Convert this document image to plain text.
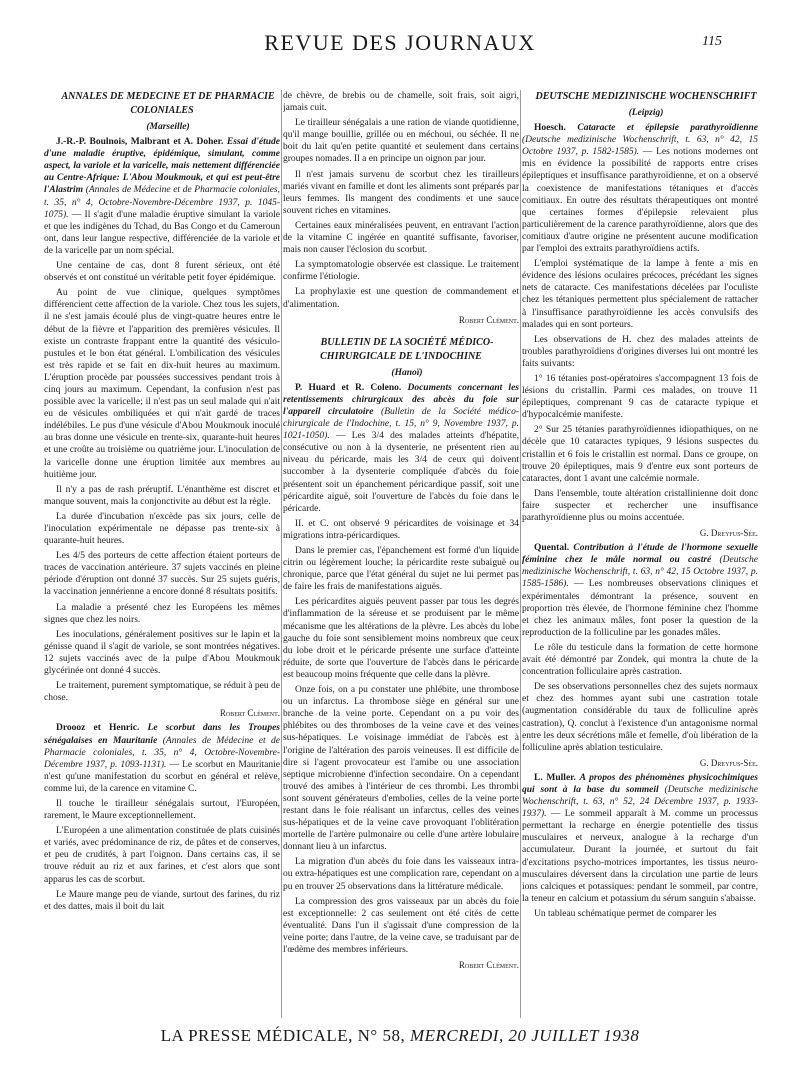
REVUE DES JOURNAUX	115

ANNALES DE MEDECINE ET DE PHARMACIE COLONIALES

(Marseille)

J.-R.-P. Boulnois, Malbrant et A. Doher. Essai d'étude d'une maladie éruptive, épidémique, simulant, comme aspect, la variole et la varicelle, mais nettement différenciée au Centre-Afrique: L'Abou Moukmouk, et qui est peut-être l'Alastrim (Annales de Médecine et de Pharmacie coloniales, t. 35, n° 4, Octobre-Novembre-Décembre 1937, p. 1045-1075). — Il s'agit d'une maladie éruptive simulant la variole et que les indigènes du Tchad, du Bas Congo et du Cameroun ont, dans leur langue respective, différenciée de la variole et de la varicelle par un nom spécial.

Une centaine de cas, dont 8 furent sérieux, ont été observés et ont constitué un véritable petit foyer épidémique.

Au point de vue clinique, quelques symptômes différencient cette affection de la variole. Chez tous les sujets, il ne s'est jamais écoulé plus de vingt-quatre heures entre le début de la fièvre et l'apparition des premières vésicules. Il existe un contraste frappant entre la quantité des vésiculo-pustules et le bon état général. L'ombilication des vésicules est très rapide et se fait en dix-huit heures au maximum. L'éruption procède par poussées successives pendant trois à cinq jours au maximum. Cependant, la confusion n'est pas possible avec la varicelle; il n'est pas un seul malade qui n'ait eu de vésicules ombiliquées et qui n'ait gardé de traces indélébiles. Le pus d'une vésicule d'Abou Moukmouk inoculé au bras donne une vésicule en trente-six, quarante-huit heures et une croûte au troisième ou quatrième jour. L'inoculation de la varicelle donne une éruption limitée aux membres au huitième jour.

Il n'y a pas de rash préruptif. L'énanthème est discret et manque souvent, mais la conjonctivite au début est la règle.

La durée d'incubation n'excède pas six jours, celle de l'inoculation expérimentale ne dépasse pas trente-six à quarante-huit heures.

Les 4/5 des porteurs de cette affection étaient porteurs de traces de vaccination antérieure. 37 sujets vaccinés en pleine période d'éruption ont donné 37 succès. Sur 25 sujets guéris, la vaccination jennérienne a encore donné 8 résultats positifs.

La maladie a présenté chez les Européens les mêmes signes que chez les noirs.

Les inoculations, généralement positives sur le lapin et la génisse quand il s'agit de variole, se sont montrées négatives. 12 sujets vaccinés avec de la pulpe d'Abou Moukmouk glycérinée ont donné 4 succès.

Le traitement, purement symptomatique, se réduit à peu de chose.

Robert Clément.

Droooz et Henric. Le scorbut dans les Troupes sénégalaises en Mauritanie (Annales de Médecine et de Pharmacie coloniales, t. 35, n° 4, Octobre-Novembre-Décembre 1937, p. 1093-1131). — Le scorbut en Mauritanie n'est qu'une manifestation du scorbut en général et relève, comme lui, de la carence en vitamine C.

Il touche le tirailleur sénégalais surtout, l'Européen, rarement, le Maure exceptionnellement.

L'Européen a une alimentation constituée de plats cuisinés et variés, avec prédominance de riz, de pâtes et de conserves, et peu de crudités, à part l'oignon. Dans certains cas, il se trouve réduit au riz et aux farines, et c'est alors que sont apparus les cas de scorbut.

Le Maure mange peu de viande, surtout des farines, du riz et des dattes, mais il boit du lait

de chèvre, de brebis ou de chamelle, soit frais, soit aigri, jamais cuit.

Le tirailleur sénégalais a une ration de viande quotidienne, qu'il mange bouillie, grillée ou en méchoui, ou séchée. Il ne boit du lait qu'en petite quantité et seulement dans certains groupes nomades. Il a en principe un oignon par jour.

Il n'est jamais survenu de scorbut chez les tirailleurs mariés vivant en famille et dont les aliments sont préparés par leurs femmes. Ils mangent des condiments et une sauce souvent riches en vitamines.

Certaines eaux minéralisées peuvent, en entravant l'action de la vitamine C ingérée en quantité suffisante, favoriser, mais non causer l'éclosion du scorbut.

La symptomatologie observée est classique. Le traitement confirme l'étiologie.

La prophylaxie est une question de commandement et d'alimentation.

Robert Clément.

BULLETIN DE LA SOCIÉTÉ MÉDICO-CHIRURGICALE DE L'INDOCHINE

(Hanoï)

P. Huard et R. Coleno. Documents concernant les retentissements chirurgicaux des abcès du foie sur l'appareil circulatoire (Bulletin de la Société médico-chirurgicale de l'Indochine, t. 15, n° 9, Novembre 1937, p. 1021-1050). — Les 3/4 des malades atteints d'hépatite, consécutive ou non à la dysenterie, ne présentent rien au niveau du péricarde, mais les 3/4 de ceux qui doivent succomber à la dysenterie compliquée d'abcès du foie présentent soit un épanchement péricardique passif, soit une péricardite aiguë, soit l'ouverture de l'abcès du foie dans le péricarde.

II. et C. ont observé 9 péricardites de voisinage et 34 migrations intra-péricardiques.

Dans le premier cas, l'épanchement est formé d'un liquide citrin ou légèrement louche; la péricardite reste subaiguë ou chronique, parce que l'état général du sujet ne lui permet pas de faire les frais de manifestations aiguës.

Les péricardites aiguës peuvent passer par tous les degrés d'inflammation de la séreuse et se produisent par le même mécanisme que les altérations de la plèvre. Les abcès du lobe gauche du foie sont sensiblement moins nombreux que ceux du lobe droit et le péricarde présente une surface d'atteinte réduite, de sorte que l'ouverture de l'abcès dans le péricarde est beaucoup moins fréquente que celle dans la plèvre.

Onze fois, on a pu constater une phlébite, une thrombose ou un infarctus. La thrombose siège en général sur une branche de la veine porte. Cependant on a pu voir des phlébites ou des thromboses de la veine cave et des veines sus-hépatiques. Le voisinage immédiat de l'abcès est à l'origine de l'altération des parois veineuses. Il est difficile de dire si l'agent provocateur est l'amibe ou une association septique microbienne d'infection secondaire. On a cependant trouvé des amibes à l'intérieur de ces thrombi. Les thrombi sont souvent générateurs d'embolies, celles de la veine porte restant dans le foie réalisant un infarctus, celles des veines sus-hépatiques et de la veine cave provoquant l'oblitération mortelle de l'artère pulmonaire ou celle d'une artère lobulaire donnant lieu à un infarctus.

La migration d'un abcès du foie dans les vaisseaux intra- ou extra-hépatiques est une complication rare, cependant on a pu en trouver 25 observations dans la littérature médicale.

La compression des gros vaisseaux par un abcès du foie est exceptionnelle: 2 cas seulement ont été cités de cette éventualité. Dans l'un il s'agissait d'une compression de la veine porte; dans l'autre, de la veine cave, se traduisant par de l'œdème des membres inférieurs.

Robert Clément.

DEUTSCHE MEDIZINISCHE WOCHENSCHRIFT

(Leipzig)

Hoesch. Cataracte et épilepsie parathyroïdienne (Deutsche medizinische Wochenschrift, t. 63, n° 42, 15 Octobre 1937, p. 1582-1585). — Les notions modernes ont mis en évidence la possibilité de rapports entre crises épileptiques et insuffisance parathyroïdienne, et on a observé la coexistence de manifestations tétaniques et d'accès comitiaux. En outre des résultats thérapeutiques ont montré que certaines formes d'épilepsie relevaient plus particulièrement de la carence parathyroïdienne, alors que des comitiaux d'autre origine ne présentent aucune modification par l'emploi des extraits parathyroïdiens actifs.

L'emploi systématique de la lampe à fente a mis en évidence des lésions oculaires précoces, précédant les signes nets de cataracte. Ces manifestations décelées par l'oculiste chez les tétaniques permettent plus spécialement de rattacher à l'insuffisance parathyroïdienne les accès convulsifs des malades qui en sont porteurs.

Les observations de H. chez des malades atteints de troubles parathyroïdiens d'origines diverses lui ont montré les faits suivants:

1° 16 tétanies post-opératoires s'accompagnent 13 fois de lésions du cristallin. Parmi ces malades, on trouve 11 épileptiques, comprenant 9 cas de cataracte typique et d'hypocalcémie manifeste.

2° Sur 25 tétanies parathyroïdiennes idiopathiques, on ne décèle que 10 cataractes typiques, 9 lésions suspectes du cristallin et 6 fois le cristallin est normal. Dans ce groupe, on trouve 20 épileptiques, mais 9 d'entre eux sont porteurs de cataractes, dont 1 avant une calcémie normale.

Dans l'ensemble, toute altération cristallinienne doit donc faire suspecter et rechercher une insuffisance parathyroïdienne plus ou moins accentuée.

G. Dreyfus-Sée.

Quental. Contribution à l'étude de l'hormone sexuelle féminine chez le mâle normal ou castré (Deutsche medizinische Wochenschrift, t. 63, n° 42, 15 Octobre 1937, p. 1585-1586). — Les nombreuses observations cliniques et expérimentales démontrant la présence, souvent en proportion très élevée, de l'hormone féminine chez l'homme et chez les animaux mâles, font poser la question de la reproduction de la folliculine par les gonades mâles.

Le rôle du testicule dans la formation de cette hormone avait été démontré par Zondek, qui montra la chute de la concentration folliculaire après castration.

De ses observations personnelles chez des sujets normaux et chez des hommes ayant subi une castration totale (augmentation considérable du taux de folliculine après castration), Q. conclut à l'existence d'un antagonisme normal entre les deux sécrétions mâle et femelle, d'où libération de la folliculine après ablation testiculaire.

G. Dreyfus-Sée.

L. Muller. A propos des phénomènes physicochimiques qui sont à la base du sommeil (Deutsche medizinische Wochenschrift, t. 63, n° 52, 24 Décembre 1937, p. 1933-1937). — Le sommeil apparaît à M. comme un processus permettant la recharge en énergie potentielle des tissus musculaires et nerveux, analogue à la recharge d'un accumulateur. Durant la journée, et surtout du fait d'excitations psycho-motrices importantes, les tissus neuro-musculaires déversent dans la circulation une partie de leurs ions calciques et potassiques: pendant le sommeil, par contre, la teneur en calcium et potassium du sérum sanguin s'abaisse.

Un tableau schématique permet de comparer les

LA PRESSE MÉDICALE, N° 58, MERCREDI, 20 JUILLET 1938
